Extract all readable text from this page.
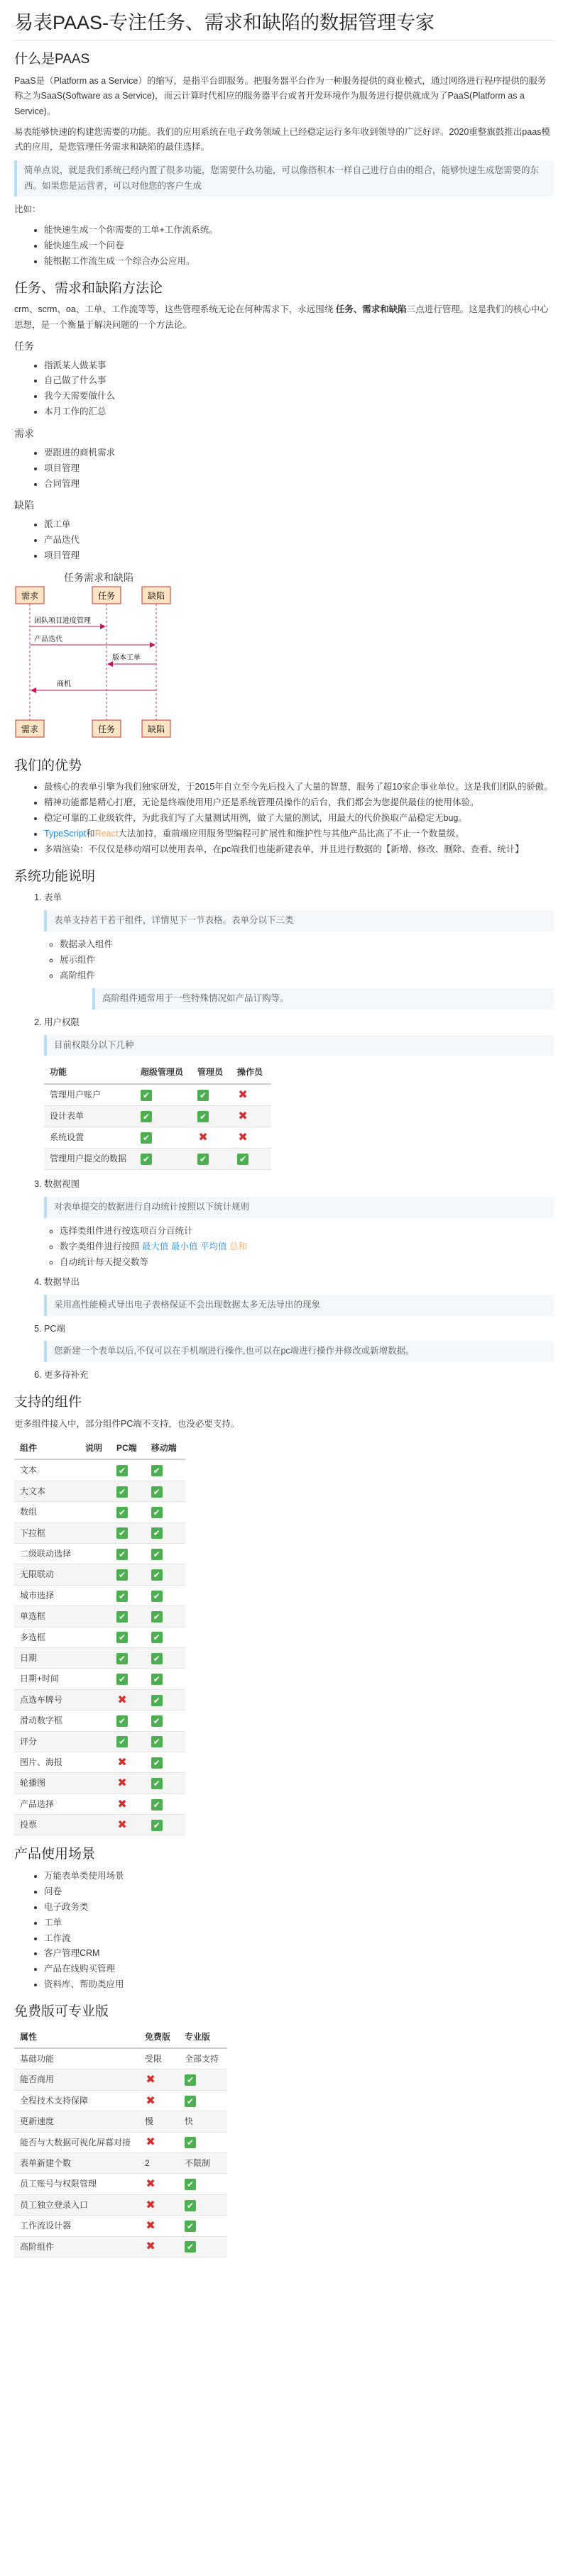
易表PAAS-专注任务、需求和缺陷的数据管理专家
什么是PAAS

PaaS是（Platform as a Service）的缩写，是指平台即服务。把服务器平台作为一种服务提供的商业模式，通过网络进行程序提供的服务称之为SaaS(Software as a Service)，而云计算时代相应的服务器平台或者开发环境作为服务进行提供就成为了PaaS(Platform as a Service)。

易表能够快速的构建您需要的功能。我们的应用系统在电子政务领域上已经稳定运行多年收到领导的广泛好评。2020重整旗鼓推出paas模式的应用，是您管理任务需求和缺陷的最佳选择。

简单点说，就是我们系统已经内置了很多功能，您需要什么功能，可以像搭积木一样自己进行自由的组合，能够快速生成您需要的东西。如果您是运营者，可以对他您的客户生成

比如：

• 能快速生成一个你需要的工单+工作流系统。
• 能快速生成一个问卷
• 能根据工作流生成一个综合办公应用。
任务、需求和缺陷方法论

crm、scrm、oa、工单、工作流等等，这些管理系统无论在何种需求下，永远围绕 任务、需求和缺陷三点进行管理。这是我们的核心中心思想，是一个衡量于解决问题的一个方法论。

任务
• 指派某人做某事
• 自己做了什么事
• 我今天需要做什么
• 本月工作的汇总
需求
• 要跟进的商机需求
• 项目管理
• 合同管理
缺陷
• 派工单
• 产品迭代
• 项目管理
任务需求和缺陷
需求	任务	缺陷
团队项目进度管理
产品迭代
版本工单
商机
需求	任务	缺陷
我们的优势
• 最核心的表单引擎为我们独家研发，于2015年自立至今先后投入了大量的智慧，服务了超10家企事业单位。这是我们团队的骄傲。
• 精神功能都是精心打磨，无论是终端使用用户还是系统管理员操作的后台，我们都会为您提供最佳的使用体验。
• 稳定可靠的工业级软件，为此我们写了大量测试用例，做了大量的测试，用最大的代价换取产品稳定无bug。
• TypeScript和React大法加持，重前端应用服务型编程可扩展性和维护性与其他产品比高了不止一个数量级。
• 多端渲染：不仅仅是移动端可以使用表单，在pc端我们也能新建表单，并且进行数据的【新增、修改、删除、查看、统计】
系统功能说明
1. 表单
表单支持若干若干组件，详情见下一节表格。表单分以下三类
◦ 数据录入组件
◦ 展示组件
◦ 高阶组件
高阶组件通常用于一些特殊情况如产品订购等。
2. 用户权限
目前权限分以下几种
功能	超级管理员	管理员	操作员
管理用户账户	✔	✔	✖
设计表单	✔	✔	✖
系统设置	✔	✖	✖
管理用户提交的数据	✔	✔	✔
3. 数据视图
对表单提交的数据进行自动统计按照以下统计规则
◦ 选择类组件进行按选项百分百统计
◦ 数字类组件进行按照 最大值 最小值 平均值 总和
◦ 自动统计每天提交数等
4. 数据导出
采用高性能模式导出电子表格保证不会出现数据太多无法导出的现象
5. PC端
您新建一个表单以后,不仅可以在手机端进行操作,也可以在pc端进行操作并修改或新增数据。
6. 更多待补充
支持的组件

更多组件接入中，部分组件PC端不支持，也没必要支持。

组件	说明	PC端	移动端
文本		✔	✔
大文本		✔	✔
数组		✔	✔
下拉框		✔	✔
二级联动选择		✔	✔
无限联动		✔	✔
城市选择		✔	✔
单选框		✔	✔
多选框		✔	✔
日期		✔	✔
日期+时间		✔	✔
点选车牌号		✖	✔
滑动数字框		✔	✔
评分		✔	✔
图片、海报		✖	✔
轮播图		✖	✔
产品选择		✖	✔
投票		✖	✔
产品使用场景
• 万能表单类使用场景
• 问卷
• 电子政务类
• 工单
• 工作流
• 客户管理CRM
• 产品在线购买管理
• 资料库、帮助类应用
免费版可专业版
属性	免费版	专业版
基础功能	受限	全部支持
能否商用	✖	✔
全程技术支持保障	✖	✔
更新速度	慢	快
能否与大数据可视化屏幕对接	✖	✔
表单新建个数	2	不限制
员工账号与权限管理	✖	✔
员工独立登录入口	✖	✔
工作流设计器	✖	✔
高阶组件	✖	✔
